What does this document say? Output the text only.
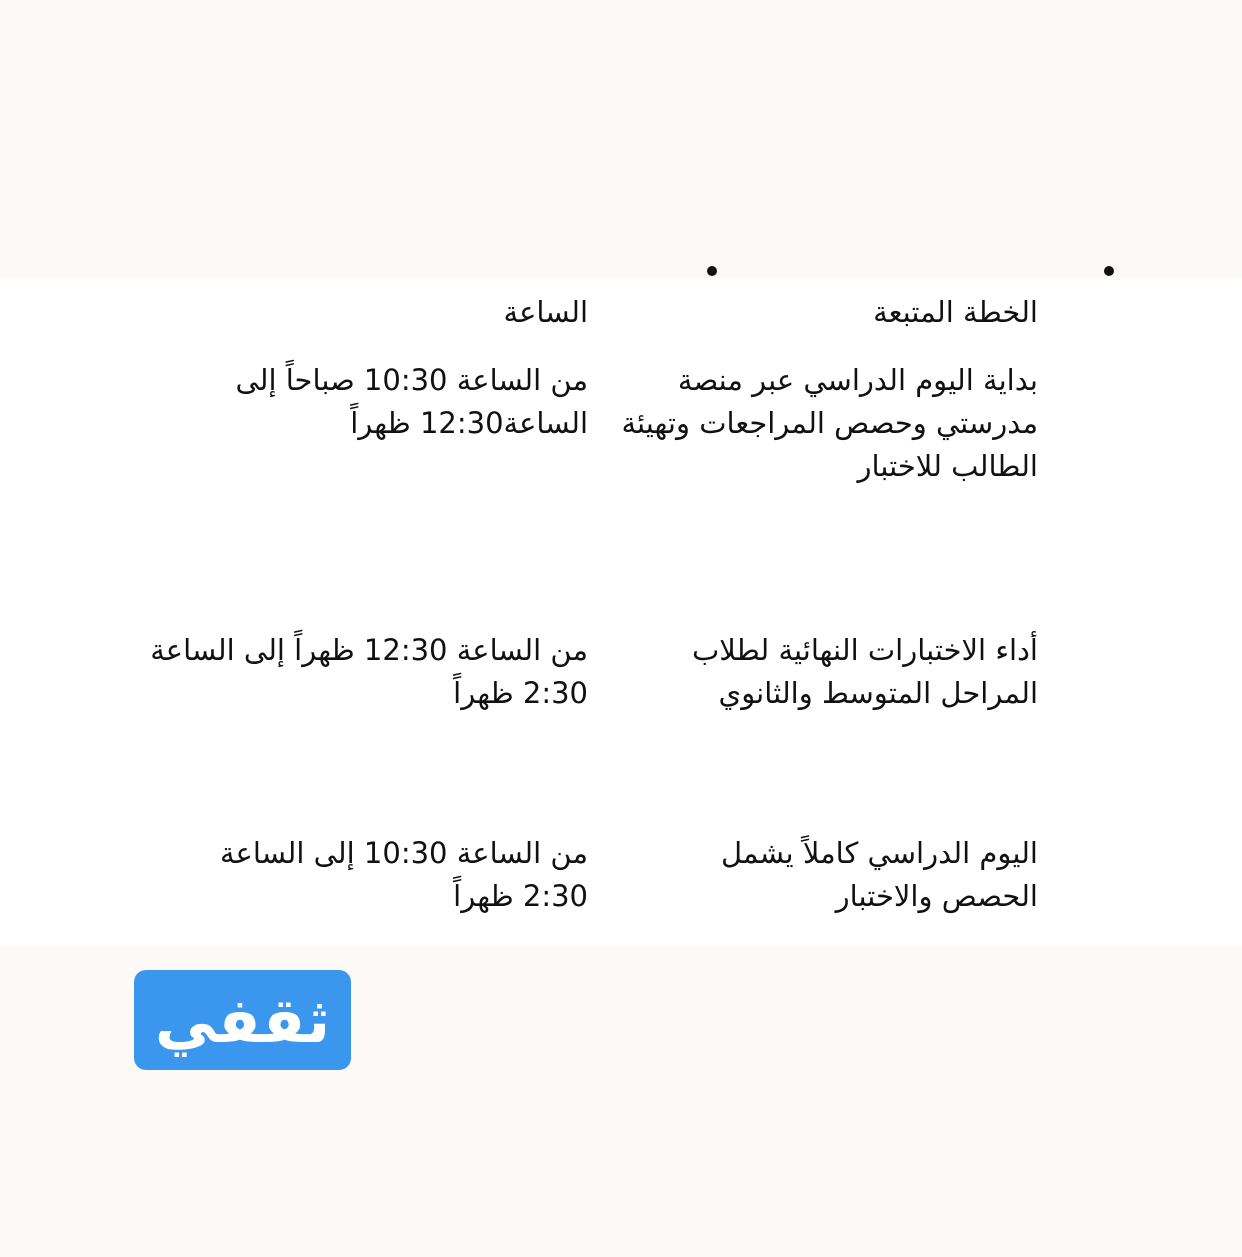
الخطة المتبعة
الساعة
بداية اليوم الدراسي عبر منصة
مدرستي وحصص المراجعات وتهيئة
الطالب للاختبار
من الساعة 10:30 صباحاً إلى
الساعة12:30 ظهراً
أداء الاختبارات النهائية لطلاب
المراحل المتوسط والثانوي
من الساعة 12:30 ظهراً إلى الساعة
2:30 ظهراً
اليوم الدراسي كاملاً يشمل
الحصص والاختبار
من الساعة 10:30 إلى الساعة
2:30 ظهراً
ثقفي
